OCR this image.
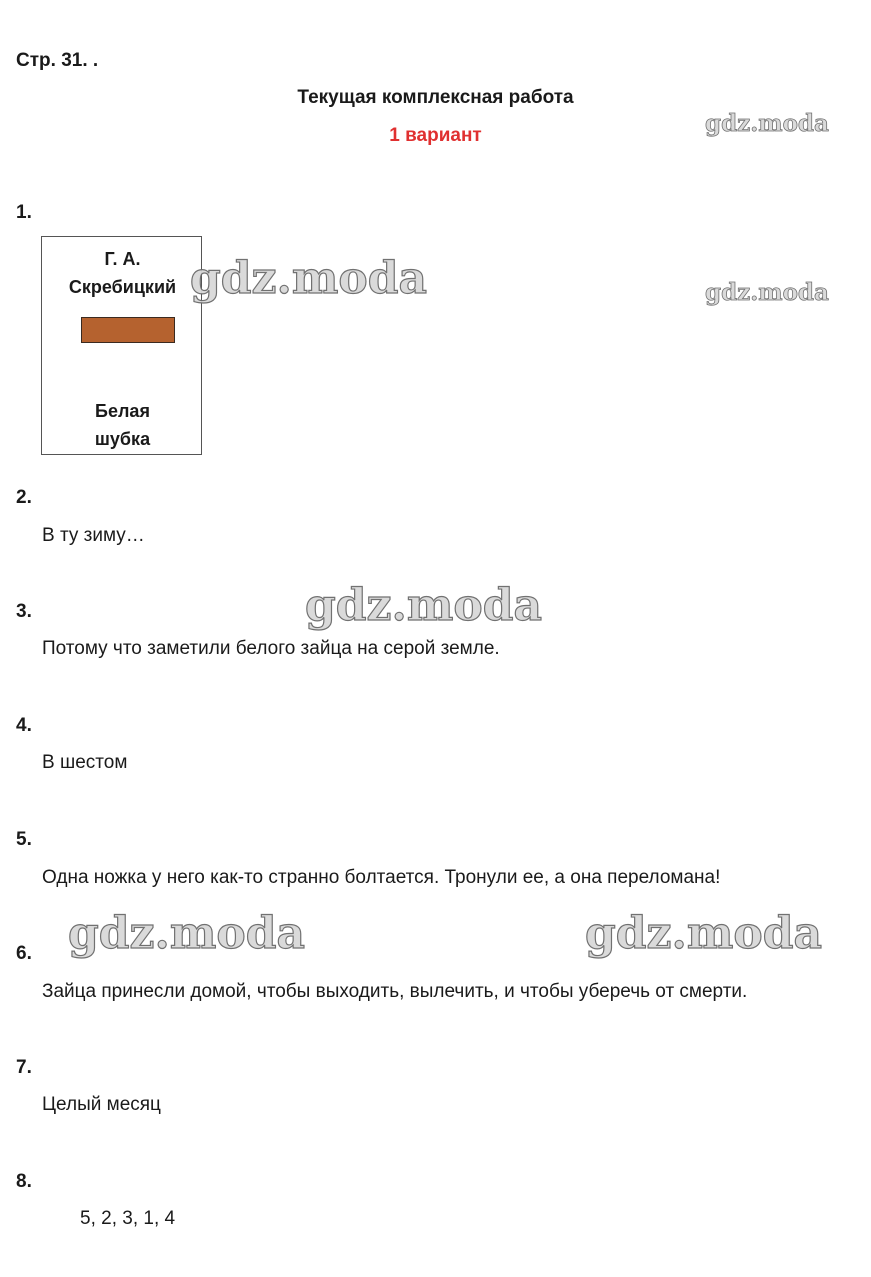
Стр. 31. .
Текущая комплексная работа
1 вариант
1.
Г. А.
Скребицкий
Белая
шубка
2.
В ту зиму…
3.
Потому что заметили белого зайца на серой земле.
4.
В шестом
5.
Одна ножка у него как-то странно болтается. Тронули ее, а она переломана!
6.
Зайца принесли домой, чтобы выходить, вылечить, и чтобы уберечь от смерти.
7.
Целый месяц
8.
5, 2, 3, 1, 4
gdz.moda
gdz.moda
gdz.moda
gdz.moda
gdz.moda	gdz.moda
